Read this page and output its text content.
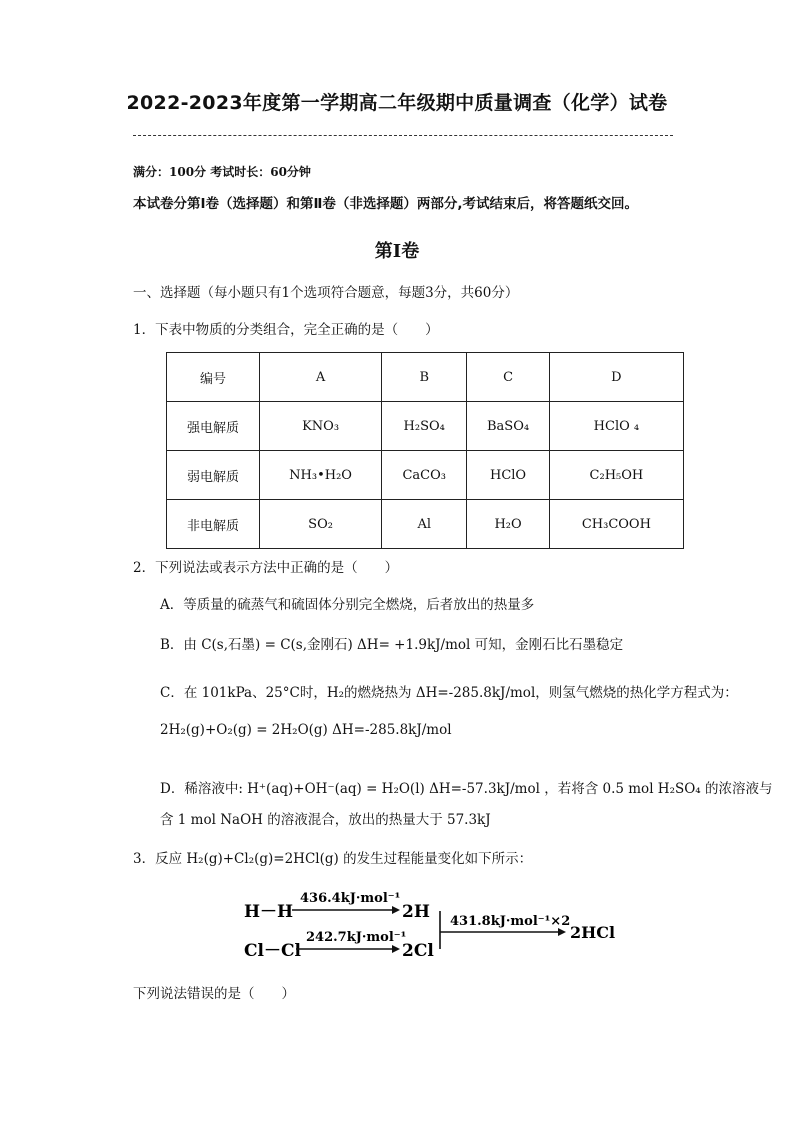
2022-2023年度第一学期高二年级期中质量调查（化学）试卷
满分：100分 考试时长：60分钟
本试卷分第Ⅰ卷（选择题）和第Ⅱ卷（非选择题）两部分,考试结束后，将答题纸交回。
第Ⅰ卷
一、选择题（每小题只有1个选项符合题意，每题3分，共60分）
1．下表中物质的分类组合，完全正确的是（　　）
编号	A	B	C	D
强电解质	KNO₃	H₂SO₄	BaSO₄	HClO ₄
弱电解质	NH₃•H₂O	CaCO₃	HClO	C₂H₅OH
非电解质	SO₂	Al	H₂O	CH₃COOH
2．下列说法或表示方法中正确的是（　　）
A．等质量的硫蒸气和硫固体分别完全燃烧，后者放出的热量多
B．由 C(s,石墨) = C(s,金刚石) ΔH= +1.9kJ/mol 可知，金刚石比石墨稳定
C．在 101kPa、25°C时，H₂的燃烧热为 ΔH=-285.8kJ/mol，则氢气燃烧的热化学方程式为：
2H₂(g)+O₂(g) = 2H₂O(g) ΔH=-285.8kJ/mol
D．稀溶液中: H⁺(aq)+OH⁻(aq) = H₂O(l) ΔH=-57.3kJ/mol ，若将含 0.5 mol H₂SO₄ 的浓溶液与
含 1 mol NaOH 的溶液混合，放出的热量大于 57.3kJ
3．反应 H₂(g)+Cl₂(g)=2HCl(g) 的发生过程能量变化如下所示：
H－H
436.4kJ·mol⁻¹
2H
Cl－Cl
242.7kJ·mol⁻¹
2Cl
431.8kJ·mol⁻¹×2
2HCl
下列说法错误的是（　　）
